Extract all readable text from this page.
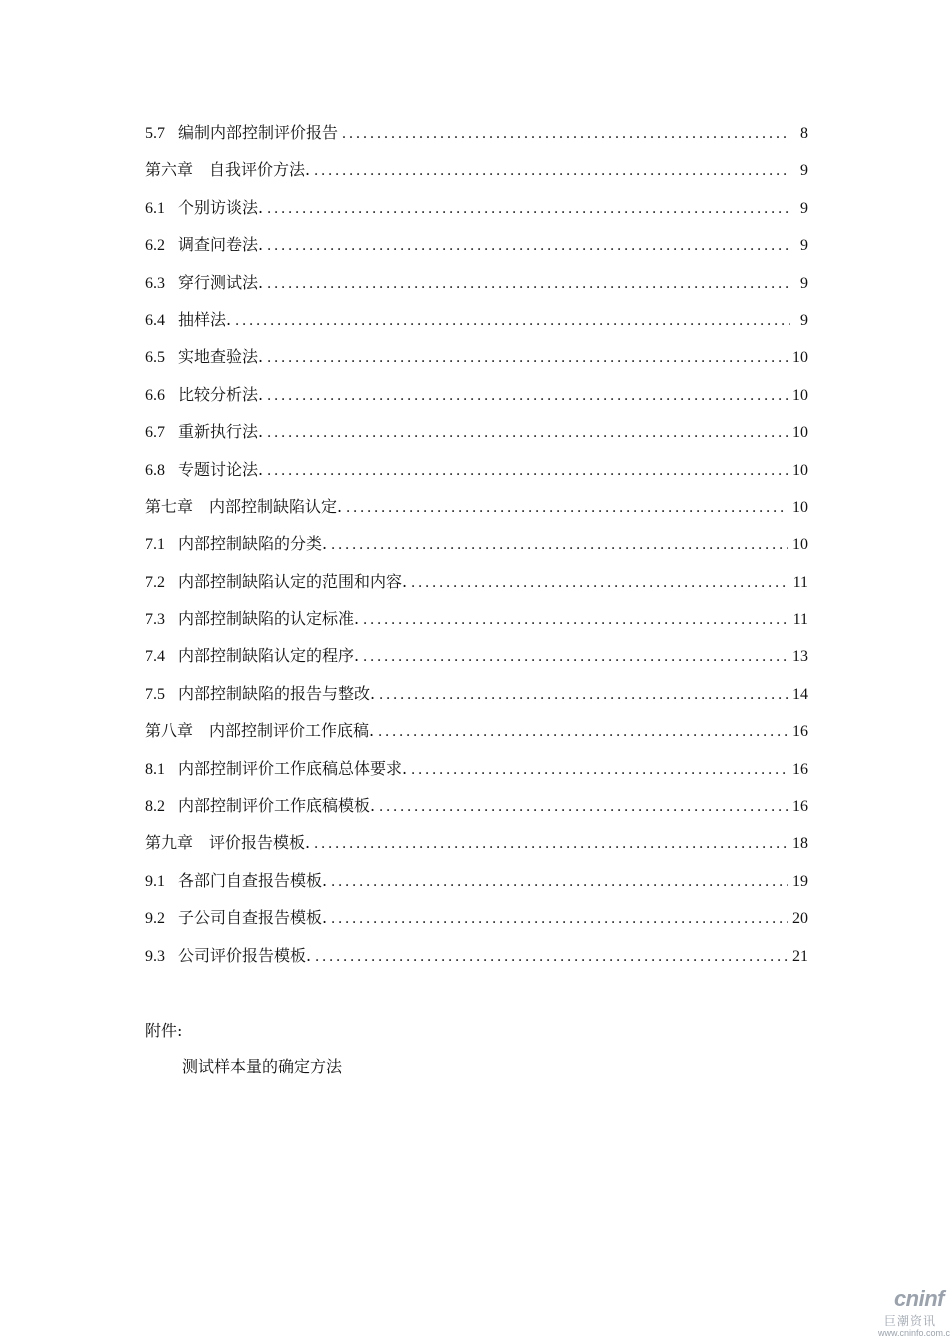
5.7 编制内部控制评价报告 . . .	8
第六章 自我评价方法. . . .	9
6.1 个别访谈法. . . .	9
6.2 调查问卷法. . . .	9
6.3 穿行测试法. . . .	9
6.4 抽样法. . . .	9
6.5 实地查验法. . . .	10
6.6 比较分析法. . . .	10
6.7 重新执行法. . . .	10
6.8 专题讨论法. . . .	10
第七章 内部控制缺陷认定. . . .	10
7.1 内部控制缺陷的分类. . . .	10
7.2 内部控制缺陷认定的范围和内容. . . .	11
7.3 内部控制缺陷的认定标准. . . .	11
7.4 内部控制缺陷认定的程序. . . .	13
7.5 内部控制缺陷的报告与整改. . . .	14
第八章 内部控制评价工作底稿. . . .	16
8.1 内部控制评价工作底稿总体要求. . . .	16
8.2 内部控制评价工作底稿模板. . . .	16
第九章 评价报告模板. . . .	18
9.1 各部门自查报告模板. . . .	19
9.2 子公司自查报告模板. . . .	20
9.3 公司评价报告模板. . . .	21
附件:
测试样本量的确定方法
cninf
巨潮资讯
www.cninfo.com.c
